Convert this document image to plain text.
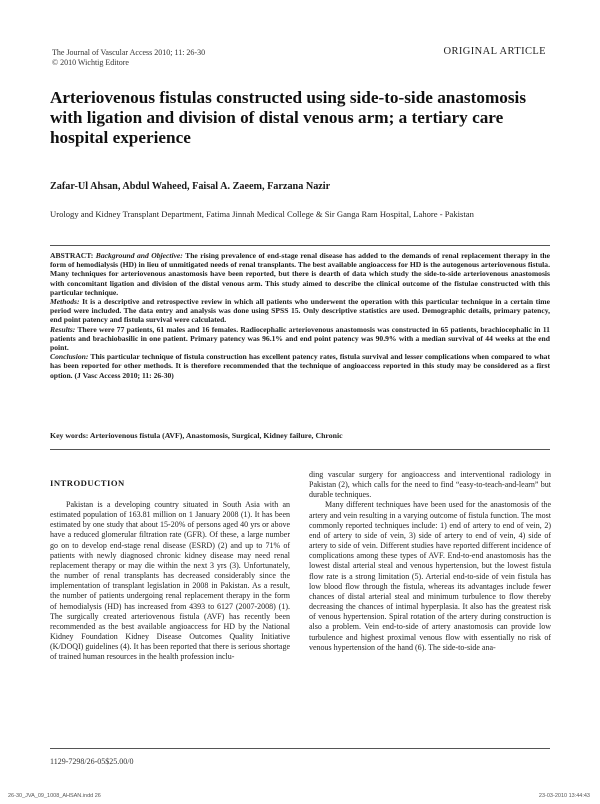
The Journal of Vascular Access 2010; 11: 26-30
© 2010 Wichtig Editore
ORIGINAL ARTICLE
Arteriovenous fistulas constructed using side-to-side anastomosis with ligation and division of distal venous arm; a tertiary care hospital experience
Zafar-Ul Ahsan, Abdul Waheed, Faisal A. Zaeem, Farzana Nazir
Urology and Kidney Transplant Department, Fatima Jinnah Medical College & Sir Ganga Ram Hospital, Lahore - Pakistan

ABSTRACT: Background and Objective: The rising prevalence of end-stage renal disease has added to the demands of renal replacement therapy in the form of hemodialysis (HD) in lieu of unmitigated needs of renal transplants. The best available angioaccess for HD is the autogenous arteriovenous fistula. Many techniques for arteriovenous anastomosis have been reported, but there is dearth of data which study the side-to-side arteriovenous anastomosis with concomitant ligation and division of the distal venous arm. This study aimed to describe the clinical outcome of the fistulae constructed with this particular technique.

Methods: It is a descriptive and retrospective review in which all patients who underwent the operation with this particular technique in a certain time period were included. The data entry and analysis was done using SPSS 15. Only descriptive statistics are used. Demographic details, primary patency, end point patency and fistula survival were calculated.

Results: There were 77 patients, 61 males and 16 females. Radiocephalic arteriovenous anastomosis was constructed in 65 patients, brachiocephalic in 11 patients and brachiobasilic in one patient. Primary patency was 96.1% and end point patency was 90.9% with a median survival of 44 weeks at the end point.

Conclusion: This particular technique of fistula construction has excellent patency rates, fistula survival and lesser complications when compared to what has been reported for other methods. It is therefore recommended that the technique of angioaccess reported in this study may be considered as a first option. (J Vasc Access 2010; 11: 26-30)

Key words: Arteriovenous fistula (AVF), Anastomosis, Surgical, Kidney failure, Chronic
INTRODUCTION

Pakistan is a developing country situated in South Asia with an estimated population of 163.81 million on 1 January 2008 (1). It has been estimated by one study that about 15-20% of persons aged 40 yrs or above have a reduced glomerular filtration rate (GFR). Of these, a large number go on to develop end-stage renal disease (ESRD) (2) and up to 71% of patients with newly diagnosed chronic kidney disease may need renal replacement therapy or may die within the next 3 yrs (3). Unfortunately, the number of renal transplants has decreased considerably since the implementation of transplant legislation in 2008 in Pakistan. As a result, the number of patients undergoing renal replacement therapy in the form of hemodialysis (HD) has increased from 4393 to 6127 (2007-2008) (1). The surgically created arteriovenous fistula (AVF) has recently been recommended as the best available angioaccess for HD by the National Kidney Foundation Kidney Disease Outcomes Quality Initiative (K/DOQI) guidelines (4). It has been reported that there is serious shortage of trained human resources in the health profession inclu-

ding vascular surgery for angioaccess and interventional radiology in Pakistan (2), which calls for the need to find “easy-to-teach-and-learn” but durable techniques.

Many different techniques have been used for the anastomosis of the artery and vein resulting in a varying outcome of fistula function. The most commonly reported techniques include: 1) end of artery to end of vein, 2) end of artery to side of vein, 3) side of artery to end of vein, 4) side of artery to side of vein. Different studies have reported different incidence of complications among these types of AVF. End-to-end anastomosis has the lowest distal arterial steal and venous hypertension, but the lowest fistula flow rate is a strong limitation (5). Arterial end-to-side of vein fistula has low blood flow through the fistula, whereas its advantages include fewer chances of distal arterial steal and minimum turbulence to flow thereby decreasing the chances of intimal hyperplasia. It also has the greatest risk of venous hypertension. Spiral rotation of the artery during construction is also a problem. Vein end-to-side of artery anastomosis can provide low turbulence and highest proximal venous flow with essentially no risk of venous hypertension of the hand (6). The side-to-side ana-

1129-7298/26-05$25.00/0
26-30_JVA_09_1008_AHSAN.indd 26	23-03-2010 13:44:43
